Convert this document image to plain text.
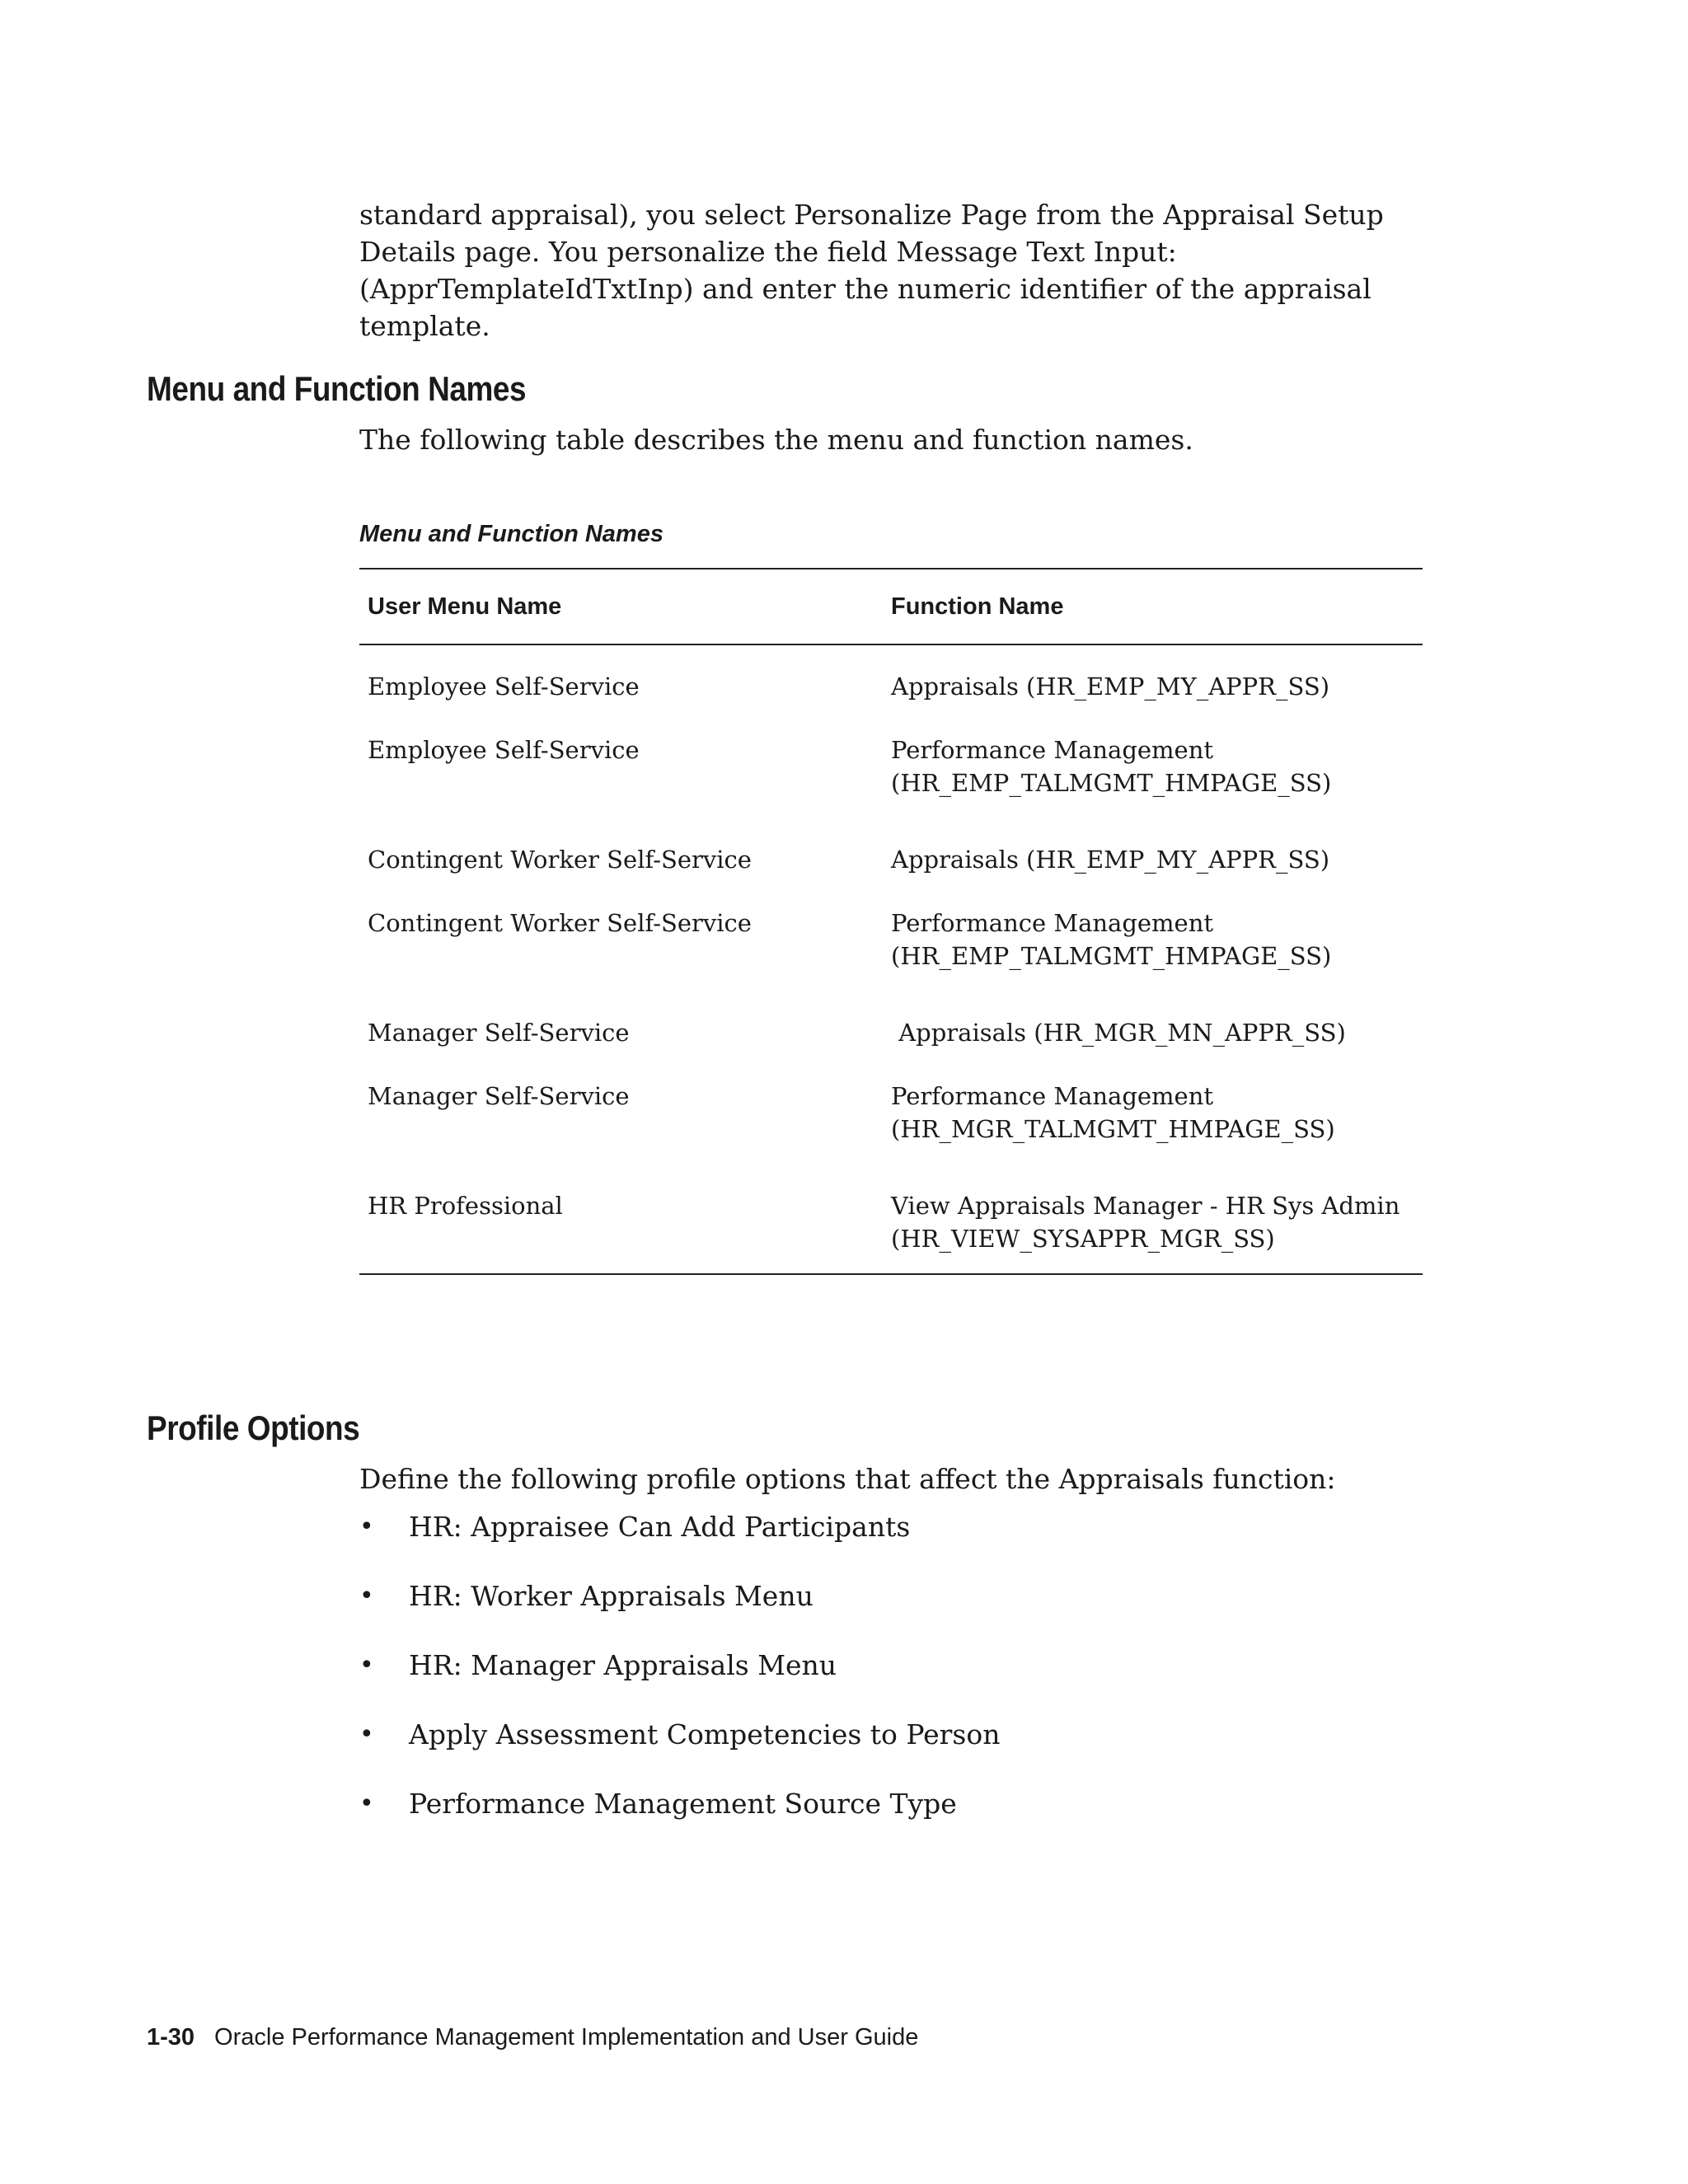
standard appraisal), you select Personalize Page from the Appraisal Setup Details page. You personalize the field Message Text Input: (ApprTemplateIdTxtInp) and enter the numeric identifier of the appraisal template.

Menu and Function Names

The following table describes the menu and function names.

Menu and Function Names

User Menu Name	Function Name
Employee Self-Service	Appraisals (HR_EMP_MY_APPR_SS)
Employee Self-Service	Performance Management
(HR_EMP_TALMGMT_HMPAGE_SS)
Contingent Worker Self-Service	Appraisals (HR_EMP_MY_APPR_SS)
Contingent Worker Self-Service	Performance Management
(HR_EMP_TALMGMT_HMPAGE_SS)
Manager Self-Service	Appraisals (HR_MGR_MN_APPR_SS)
Manager Self-Service	Performance Management
(HR_MGR_TALMGMT_HMPAGE_SS)
HR Professional	View Appraisals Manager - HR Sys Admin
(HR_VIEW_SYSAPPR_MGR_SS)
Profile Options

Define the following profile options that affect the Appraisals function:

•	HR: Appraisee Can Add Participants
•	HR: Worker Appraisals Menu
•	HR: Manager Appraisals Menu
•	Apply Assessment Competencies to Person
•	Performance Management Source Type

1-30 Oracle Performance Management Implementation and User Guide
